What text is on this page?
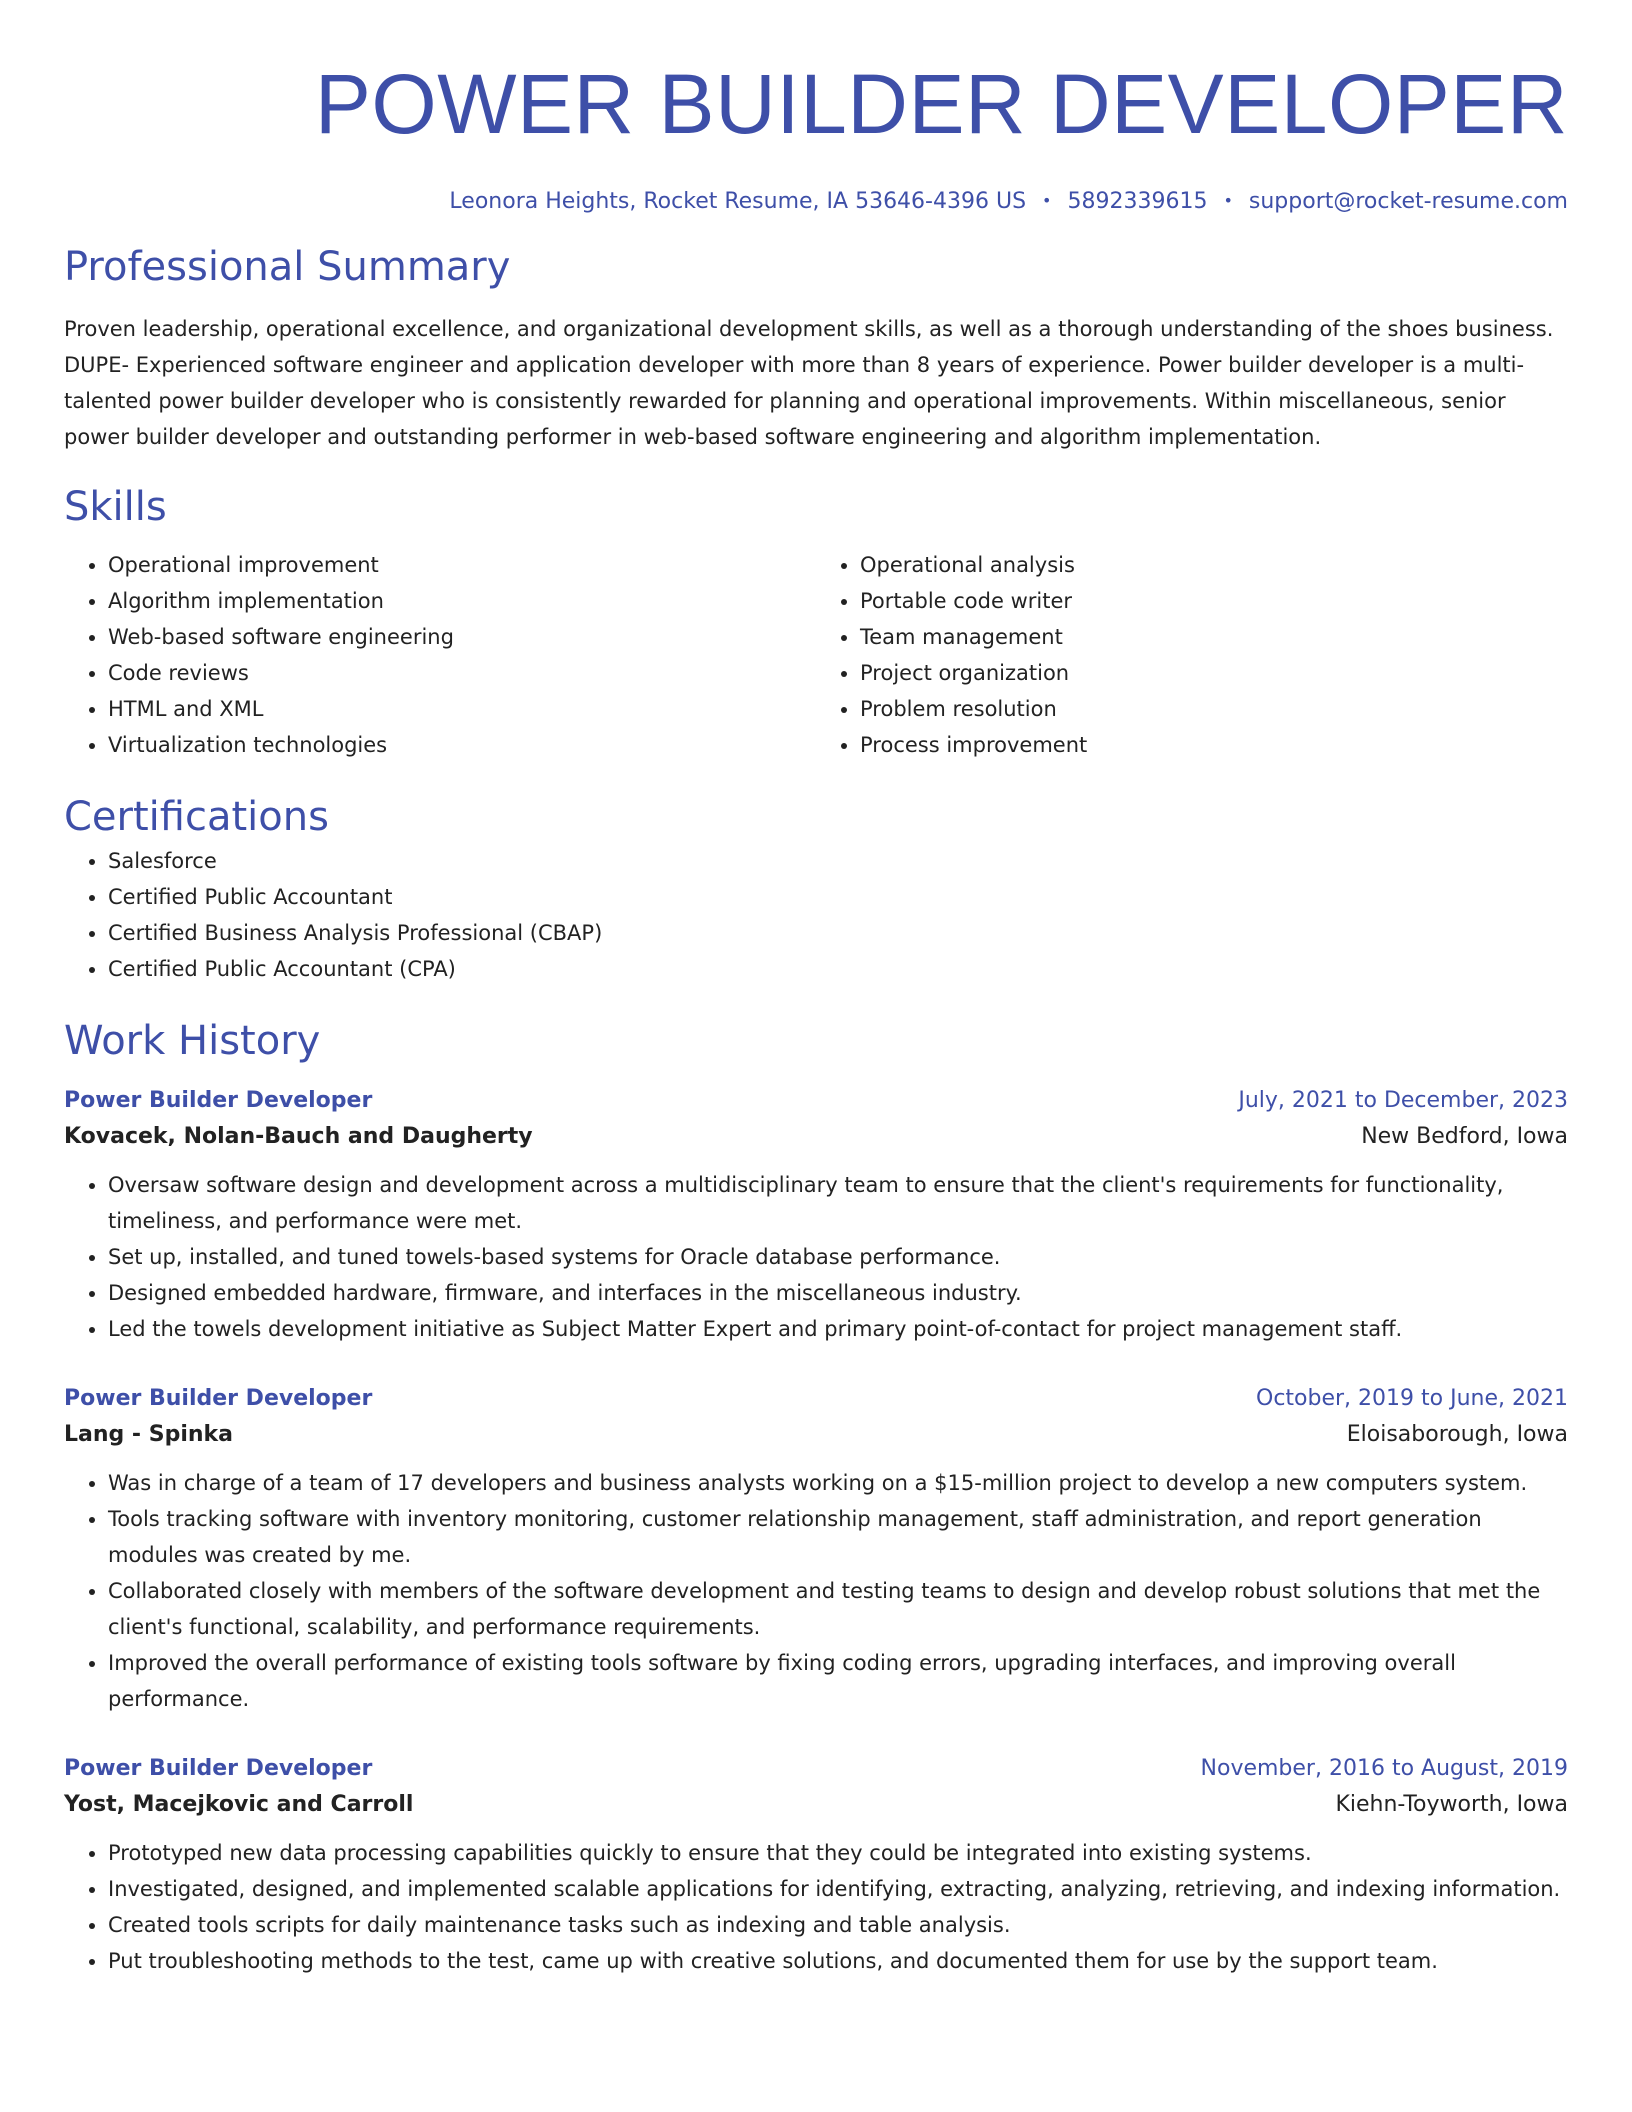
POWER BUILDER DEVELOPER
Leonora Heights, Rocket Resume, IA 53646-4396 US • 5892339615 • support@rocket-resume.com
Professional Summary

Proven leadership, operational excellence, and organizational development skills, as well as a thorough understanding of the shoes business. DUPE- Experienced software engineer and application developer with more than 8 years of experience. Power builder developer is a multi-talented power builder developer who is consistently rewarded for planning and operational improvements. Within miscellaneous, senior power builder developer and outstanding performer in web-based software engineering and algorithm implementation.

Skills
• Operational improvement
• Algorithm implementation
• Web-based software engineering
• Code reviews
• HTML and XML
• Virtualization technologies
• Operational analysis
• Portable code writer
• Team management
• Project organization
• Problem resolution
• Process improvement
Certifications
• Salesforce
• Certified Public Accountant
• Certified Business Analysis Professional (CBAP)
• Certified Public Accountant (CPA)
Work History
Power Builder Developer	July, 2021 to December, 2023
Kovacek, Nolan-Bauch and Daugherty	New Bedford, Iowa
• Oversaw software design and development across a multidisciplinary team to ensure that the client's requirements for functionality, timeliness, and performance were met.
• Set up, installed, and tuned towels-based systems for Oracle database performance.
• Designed embedded hardware, firmware, and interfaces in the miscellaneous industry.
• Led the towels development initiative as Subject Matter Expert and primary point-of-contact for project management staff.
Power Builder Developer	October, 2019 to June, 2021
Lang - Spinka	Eloisaborough, Iowa
• Was in charge of a team of 17 developers and business analysts working on a $15-million project to develop a new computers system.
• Tools tracking software with inventory monitoring, customer relationship management, staff administration, and report generation modules was created by me.
• Collaborated closely with members of the software development and testing teams to design and develop robust solutions that met the client's functional, scalability, and performance requirements.
• Improved the overall performance of existing tools software by fixing coding errors, upgrading interfaces, and improving overall performance.
Power Builder Developer	November, 2016 to August, 2019
Yost, Macejkovic and Carroll	Kiehn-Toyworth, Iowa
• Prototyped new data processing capabilities quickly to ensure that they could be integrated into existing systems.
• Investigated, designed, and implemented scalable applications for identifying, extracting, analyzing, retrieving, and indexing information.
• Created tools scripts for daily maintenance tasks such as indexing and table analysis.
• Put troubleshooting methods to the test, came up with creative solutions, and documented them for use by the support team.
